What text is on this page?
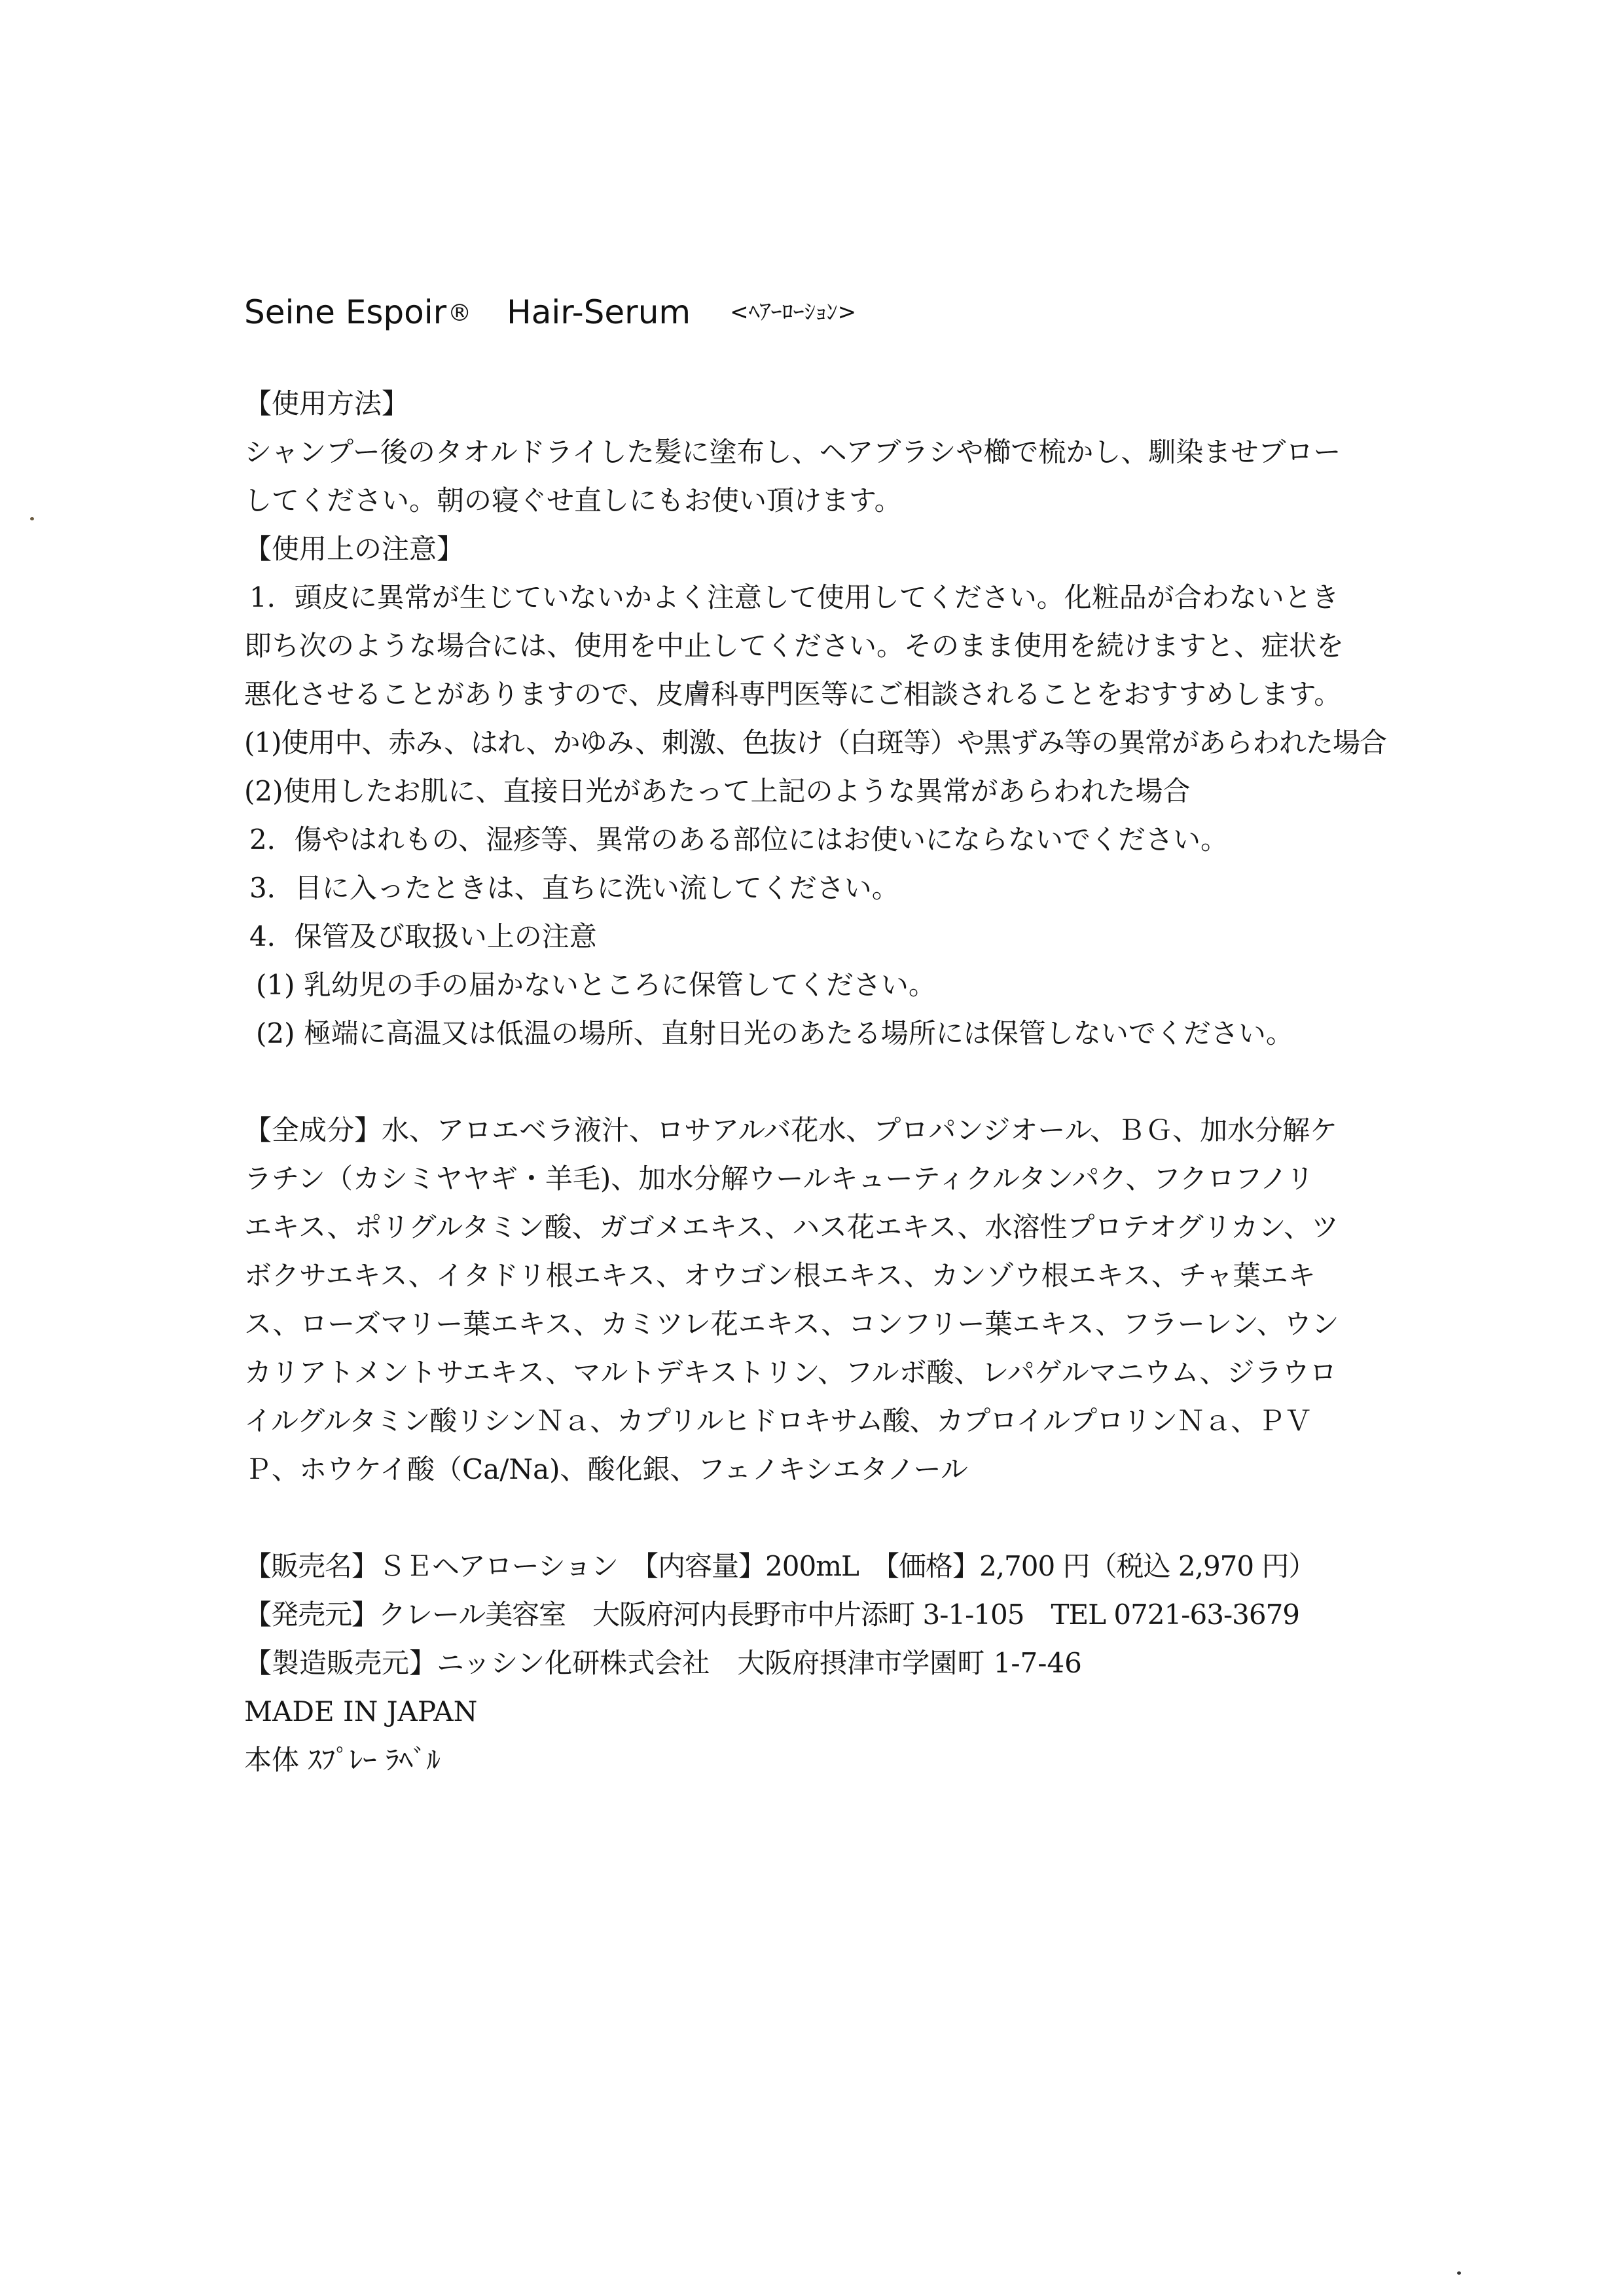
Seine Espoir® Hair-Serum <ﾍｱｰﾛｰｼｮﾝ>
【使用方法】
シャンプー後のタオルドライした髪に塗布し、ヘアブラシや櫛で梳かし、馴染ませブロー
してください。朝の寝ぐせ直しにもお使い頂けます。
【使用上の注意】
1．頭皮に異常が生じていないかよく注意して使用してください。化粧品が合わないとき
即ち次のような場合には、使用を中止してください。そのまま使用を続けますと、症状を
悪化させることがありますので、皮膚科専門医等にご相談されることをおすすめします。
(1)使用中、赤み、はれ、かゆみ、刺激、色抜け（白斑等）や黒ずみ等の異常があらわれた場合
(2)使用したお肌に、直接日光があたって上記のような異常があらわれた場合
2．傷やはれもの、湿疹等、異常のある部位にはお使いにならないでください。
3．目に入ったときは、直ちに洗い流してください。
4．保管及び取扱い上の注意
(1) 乳幼児の手の届かないところに保管してください。
(2) 極端に高温又は低温の場所、直射日光のあたる場所には保管しないでください。
【全成分】水、アロエベラ液汁、ロサアルバ花水、プロパンジオール、ＢＧ、加水分解ケ
ラチン（カシミヤヤギ・羊毛)、加水分解ウールキューティクルタンパク、フクロフノリ
エキス、ポリグルタミン酸、ガゴメエキス、ハス花エキス、水溶性プロテオグリカン、ツ
ボクサエキス、イタドリ根エキス、オウゴン根エキス、カンゾウ根エキス、チャ葉エキ
ス、ローズマリー葉エキス、カミツレ花エキス、コンフリー葉エキス、フラーレン、ウン
カリアトメントサエキス、マルトデキストリン、フルボ酸、レパゲルマニウム、ジラウロ
イルグルタミン酸リシンＮａ、カプリルヒドロキサム酸、カプロイルプロリンＮａ、ＰＶ
Ｐ、ホウケイ酸（Ca/Na)、酸化銀、フェノキシエタノール
【販売名】ＳＥヘアローション　【内容量】200mL　【価格】2,700 円（税込 2,970 円）
【発売元】クレール美容室　大阪府河内長野市中片添町 3-1-105　TEL 0721-63-3679
【製造販売元】ニッシン化研株式会社　大阪府摂津市学園町 1-7-46
MADE IN JAPAN
本体 ｽﾌﾟﾚｰ ﾗﾍﾞﾙ
